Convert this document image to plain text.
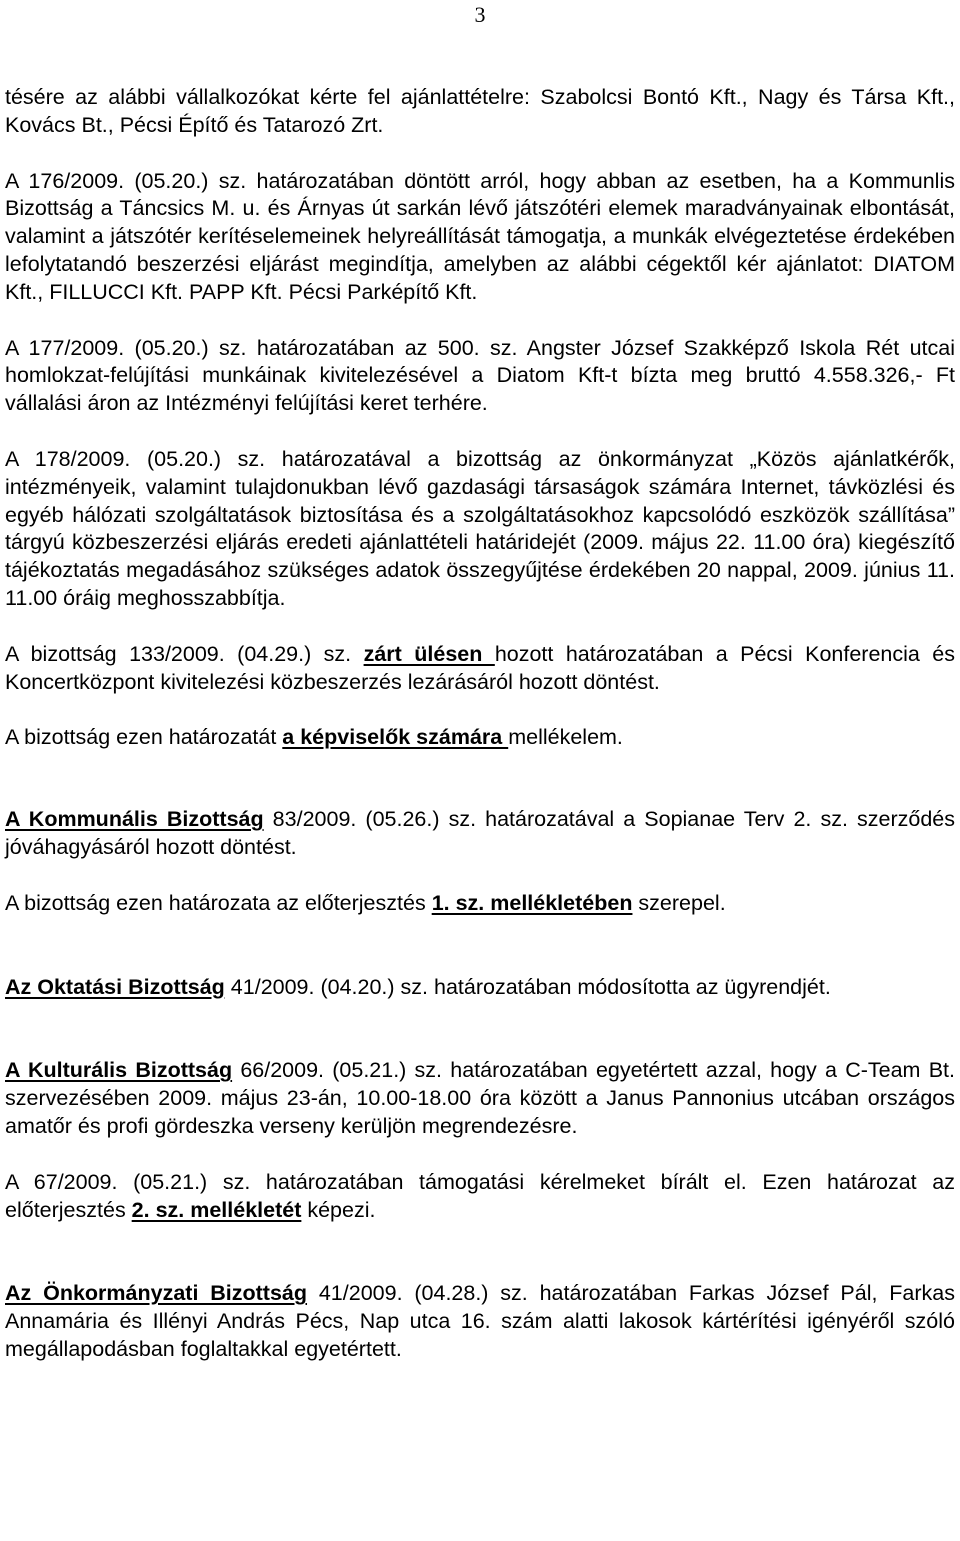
3

tésére az alábbi vállalkozókat kérte fel ajánlattételre: Szabolcsi Bontó Kft., Nagy és Társa Kft., Kovács Bt., Pécsi Építő és Tatarozó Zrt.

A 176/2009. (05.20.) sz. határozatában döntött arról, hogy abban az esetben, ha a Kommunlis Bizottság a Táncsics M. u. és Árnyas út sarkán lévő játszótéri elemek maradványainak elbontását, valamint a játszótér kerítéselemeinek helyreállítását támogatja, a munkák elvégeztetése érdekében lefolytatandó beszerzési eljárást megindítja, amelyben az alábbi cégektől kér ajánlatot: DIATOM Kft., FILLUCCI Kft. PAPP Kft. Pécsi Parképítő Kft.

A 177/2009. (05.20.) sz. határozatában az 500. sz. Angster József Szakképző Iskola Rét utcai homlokzat-felújítási munkáinak kivitelezésével a Diatom Kft-t bízta meg bruttó 4.558.326,- Ft vállalási áron az Intézményi felújítási keret terhére.

A 178/2009. (05.20.) sz. határozatával a bizottság az önkormányzat „Közös ajánlatkérők, intézményeik, valamint tulajdonukban lévő gazdasági társaságok számára Internet, távközlési és egyéb hálózati szolgáltatások biztosítása és a szolgáltatásokhoz kapcsolódó eszközök szállítása” tárgyú közbeszerzési eljárás eredeti ajánlattételi határidejét (2009. május 22. 11.00 óra) kiegészítő tájékoztatás megadásához szükséges adatok összegyűjtése érdekében 20 nappal, 2009. június 11. 11.00 óráig meghosszabbítja.

A bizottság 133/2009. (04.29.) sz. zárt ülésen hozott határozatában a Pécsi Konferencia és Koncertközpont kivitelezési közbeszerzés lezárásáról hozott döntést.

A bizottság ezen határozatát a képviselők számára mellékelem.

A Kommunális Bizottság 83/2009. (05.26.) sz. határozatával a Sopianae Terv 2. sz. szerződés jóváhagyásáról hozott döntést.

A bizottság ezen határozata az előterjesztés 1. sz. mellékletében szerepel.

Az Oktatási Bizottság 41/2009. (04.20.) sz. határozatában módosította az ügyrendjét.

A Kulturális Bizottság 66/2009. (05.21.) sz. határozatában egyetértett azzal, hogy a C-Team Bt. szervezésében 2009. május 23-án, 10.00-18.00 óra között a Janus Pannonius utcában országos amatőr és profi gördeszka verseny kerüljön megrendezésre.

A 67/2009. (05.21.) sz. határozatában támogatási kérelmeket bírált el. Ezen határozat az előterjesztés 2. sz. mellékletét képezi.

Az Önkormányzati Bizottság 41/2009. (04.28.) sz. határozatában Farkas József Pál, Farkas Annamária és Illényi András Pécs, Nap utca 16. szám alatti lakosok kártérítési igényéről szóló megállapodásban foglaltakkal egyetértett.
